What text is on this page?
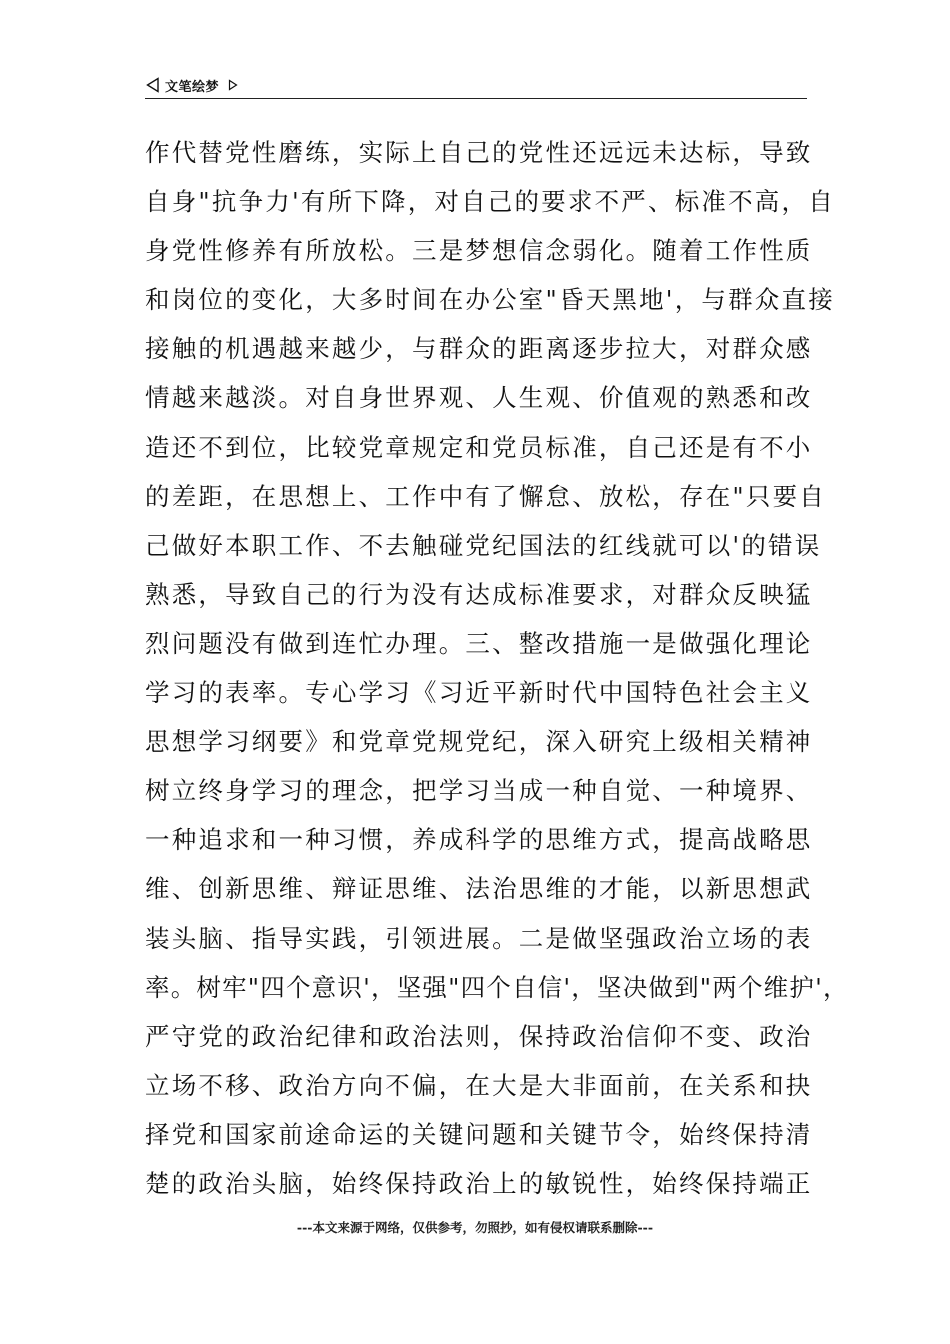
文笔绘梦
作代替党性磨练，实际上自己的党性还远远未达标，导致
自身"抗争力'有所下降，对自己的要求不严、标准不高，自
身党性修养有所放松。三是梦想信念弱化。随着工作性质
和岗位的变化，大多时间在办公室"昏天黑地'，与群众直接
接触的机遇越来越少，与群众的距离逐步拉大，对群众感
情越来越淡。对自身世界观、人生观、价值观的熟悉和改
造还不到位，比较党章规定和党员标准，自己还是有不小
的差距，在思想上、工作中有了懈怠、放松，存在"只要自
己做好本职工作、不去触碰党纪国法的红线就可以'的错误
熟悉，导致自己的行为没有达成标准要求，对群众反映猛
烈问题没有做到连忙办理。三、整改措施一是做强化理论
学习的表率。专心学习《习近平新时代中国特色社会主义
思想学习纲要》和党章党规党纪，深入研究上级相关精神
树立终身学习的理念，把学习当成一种自觉、一种境界、
一种追求和一种习惯，养成科学的思维方式，提高战略思
维、创新思维、辩证思维、法治思维的才能，以新思想武
装头脑、指导实践，引领进展。二是做坚强政治立场的表
率。树牢"四个意识'，坚强"四个自信'，坚决做到"两个维护'，
严守党的政治纪律和政治法则，保持政治信仰不变、政治
立场不移、政治方向不偏，在大是大非面前，在关系和抉
择党和国家前途命运的关键问题和关键节令，始终保持清
楚的政治头脑，始终保持政治上的敏锐性，始终保持端正
---本文来源于网络，仅供参考，勿照抄，如有侵权请联系删除---
